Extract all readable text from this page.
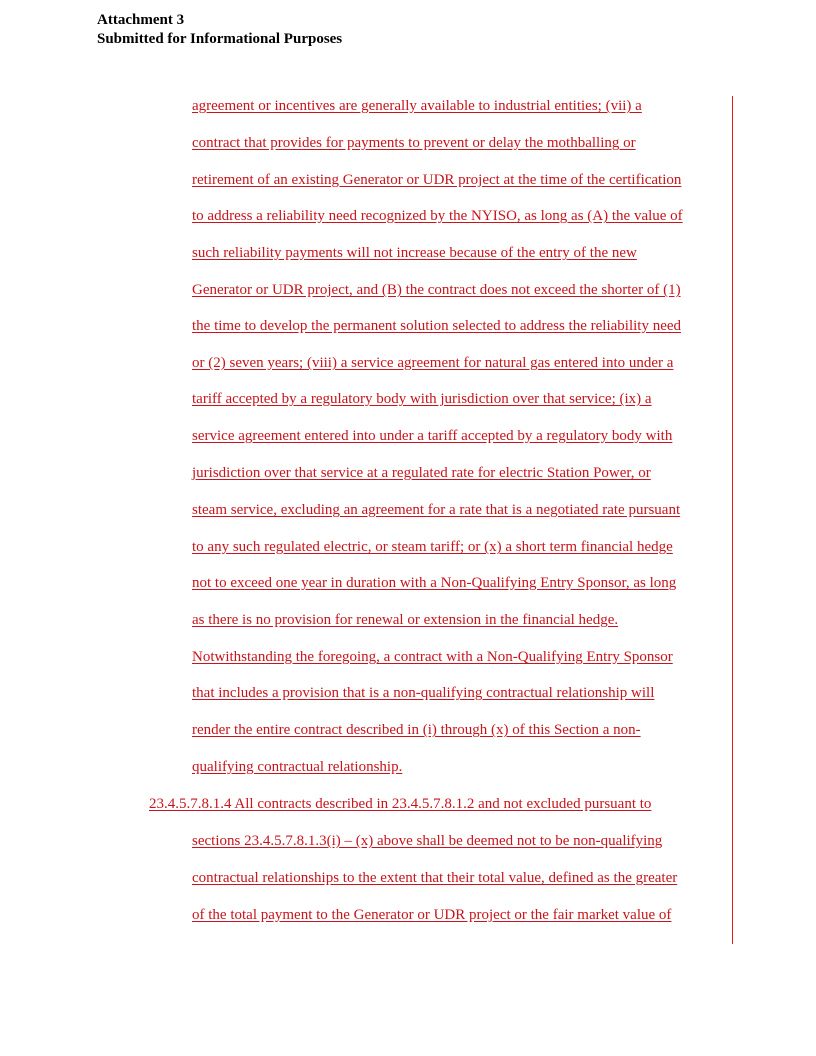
Attachment 3
Submitted for Informational Purposes
agreement or incentives are generally available to industrial entities; (vii) a
contract that provides for payments to prevent or delay the mothballing or
retirement of an existing Generator or UDR project at the time of the certification
to address a reliability need recognized by the NYISO, as long as (A) the value of
such reliability payments will not increase because of the entry of the new
Generator or UDR project, and (B) the contract does not exceed the shorter of (1)
the time to develop the permanent solution selected to address the reliability need
or (2) seven years; (viii) a service agreement for natural gas entered into under a
tariff accepted by a regulatory body with jurisdiction over that service; (ix) a
service agreement entered into under a tariff accepted by a regulatory body with
jurisdiction over that service at a regulated rate for electric Station Power, or
steam service, excluding an agreement for a rate that is a negotiated rate pursuant
to any such regulated electric, or steam tariff; or (x) a short term financial hedge
not to exceed one year in duration with a Non-Qualifying Entry Sponsor, as long
as there is no provision for renewal or extension in the financial hedge.
Notwithstanding the foregoing, a contract with a Non-Qualifying Entry Sponsor
that includes a provision that is a non-qualifying contractual relationship will
render the entire contract described in (i) through (x) of this Section a non-
qualifying contractual relationship.
23.4.5.7.8.1.4 All contracts described in 23.4.5.7.8.1.2 and not excluded pursuant to
sections 23.4.5.7.8.1.3(i) – (x) above shall be deemed not to be non-qualifying
contractual relationships to the extent that their total value, defined as the greater
of the total payment to the Generator or UDR project or the fair market value of
